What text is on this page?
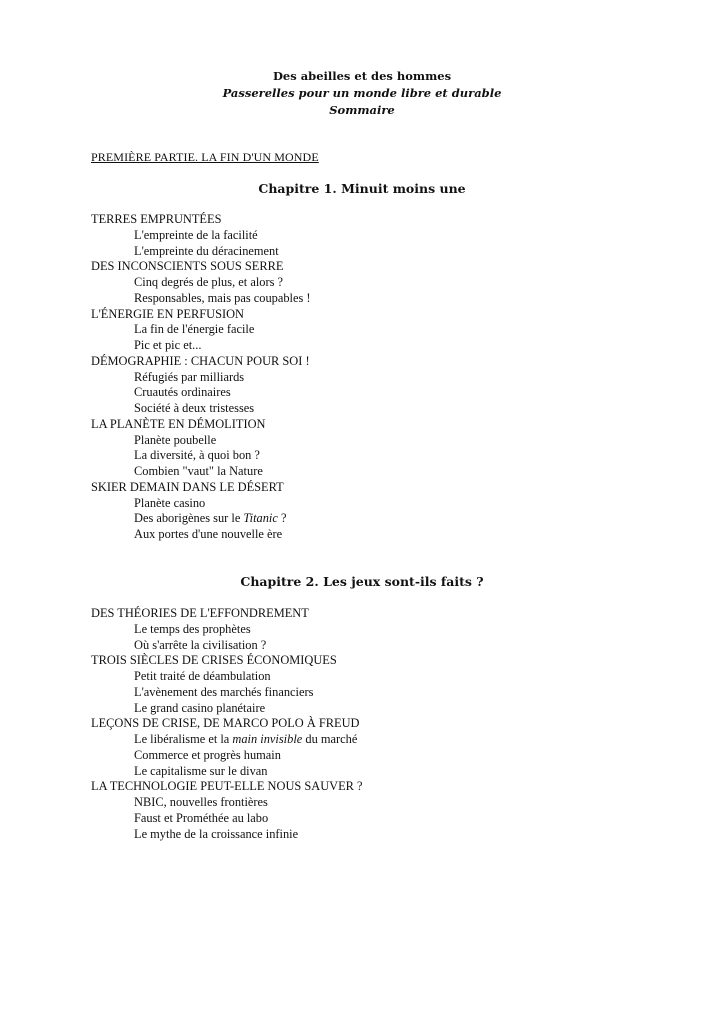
Des abeilles et des hommes
Passerelles pour un monde libre et durable
Sommaire
PREMIÈRE PARTIE. LA FIN D'UN MONDE
Chapitre 1. Minuit moins une
TERRES EMPRUNTÉES
L'empreinte de la facilité
L'empreinte du déracinement
DES INCONSCIENTS SOUS SERRE
Cinq degrés de plus, et alors ?
Responsables, mais pas coupables !
L'ÉNERGIE EN PERFUSION
La fin de l'énergie facile
Pic et pic et...
DÉMOGRAPHIE : CHACUN POUR SOI !
Réfugiés par milliards
Cruautés ordinaires
Société à deux tristesses
LA PLANÈTE EN DÉMOLITION
Planète poubelle
La diversité, à quoi bon ?
Combien "vaut" la Nature
SKIER DEMAIN DANS LE DÉSERT
Planète casino
Des aborigènes sur le Titanic ?
Aux portes d'une nouvelle ère
Chapitre 2. Les jeux sont-ils faits ?
DES THÉORIES DE L'EFFONDREMENT
Le temps des prophètes
Où s'arrête la civilisation ?
TROIS SIÈCLES DE CRISES ÉCONOMIQUES
Petit traité de déambulation
L'avènement des marchés financiers
Le grand casino planétaire
LEÇONS DE CRISE, DE MARCO POLO À FREUD
Le libéralisme et la main invisible du marché
Commerce et progrès humain
Le capitalisme sur le divan
LA TECHNOLOGIE PEUT-ELLE NOUS SAUVER ?
NBIC, nouvelles frontières
Faust et Prométhée au labo
Le mythe de la croissance infinie
